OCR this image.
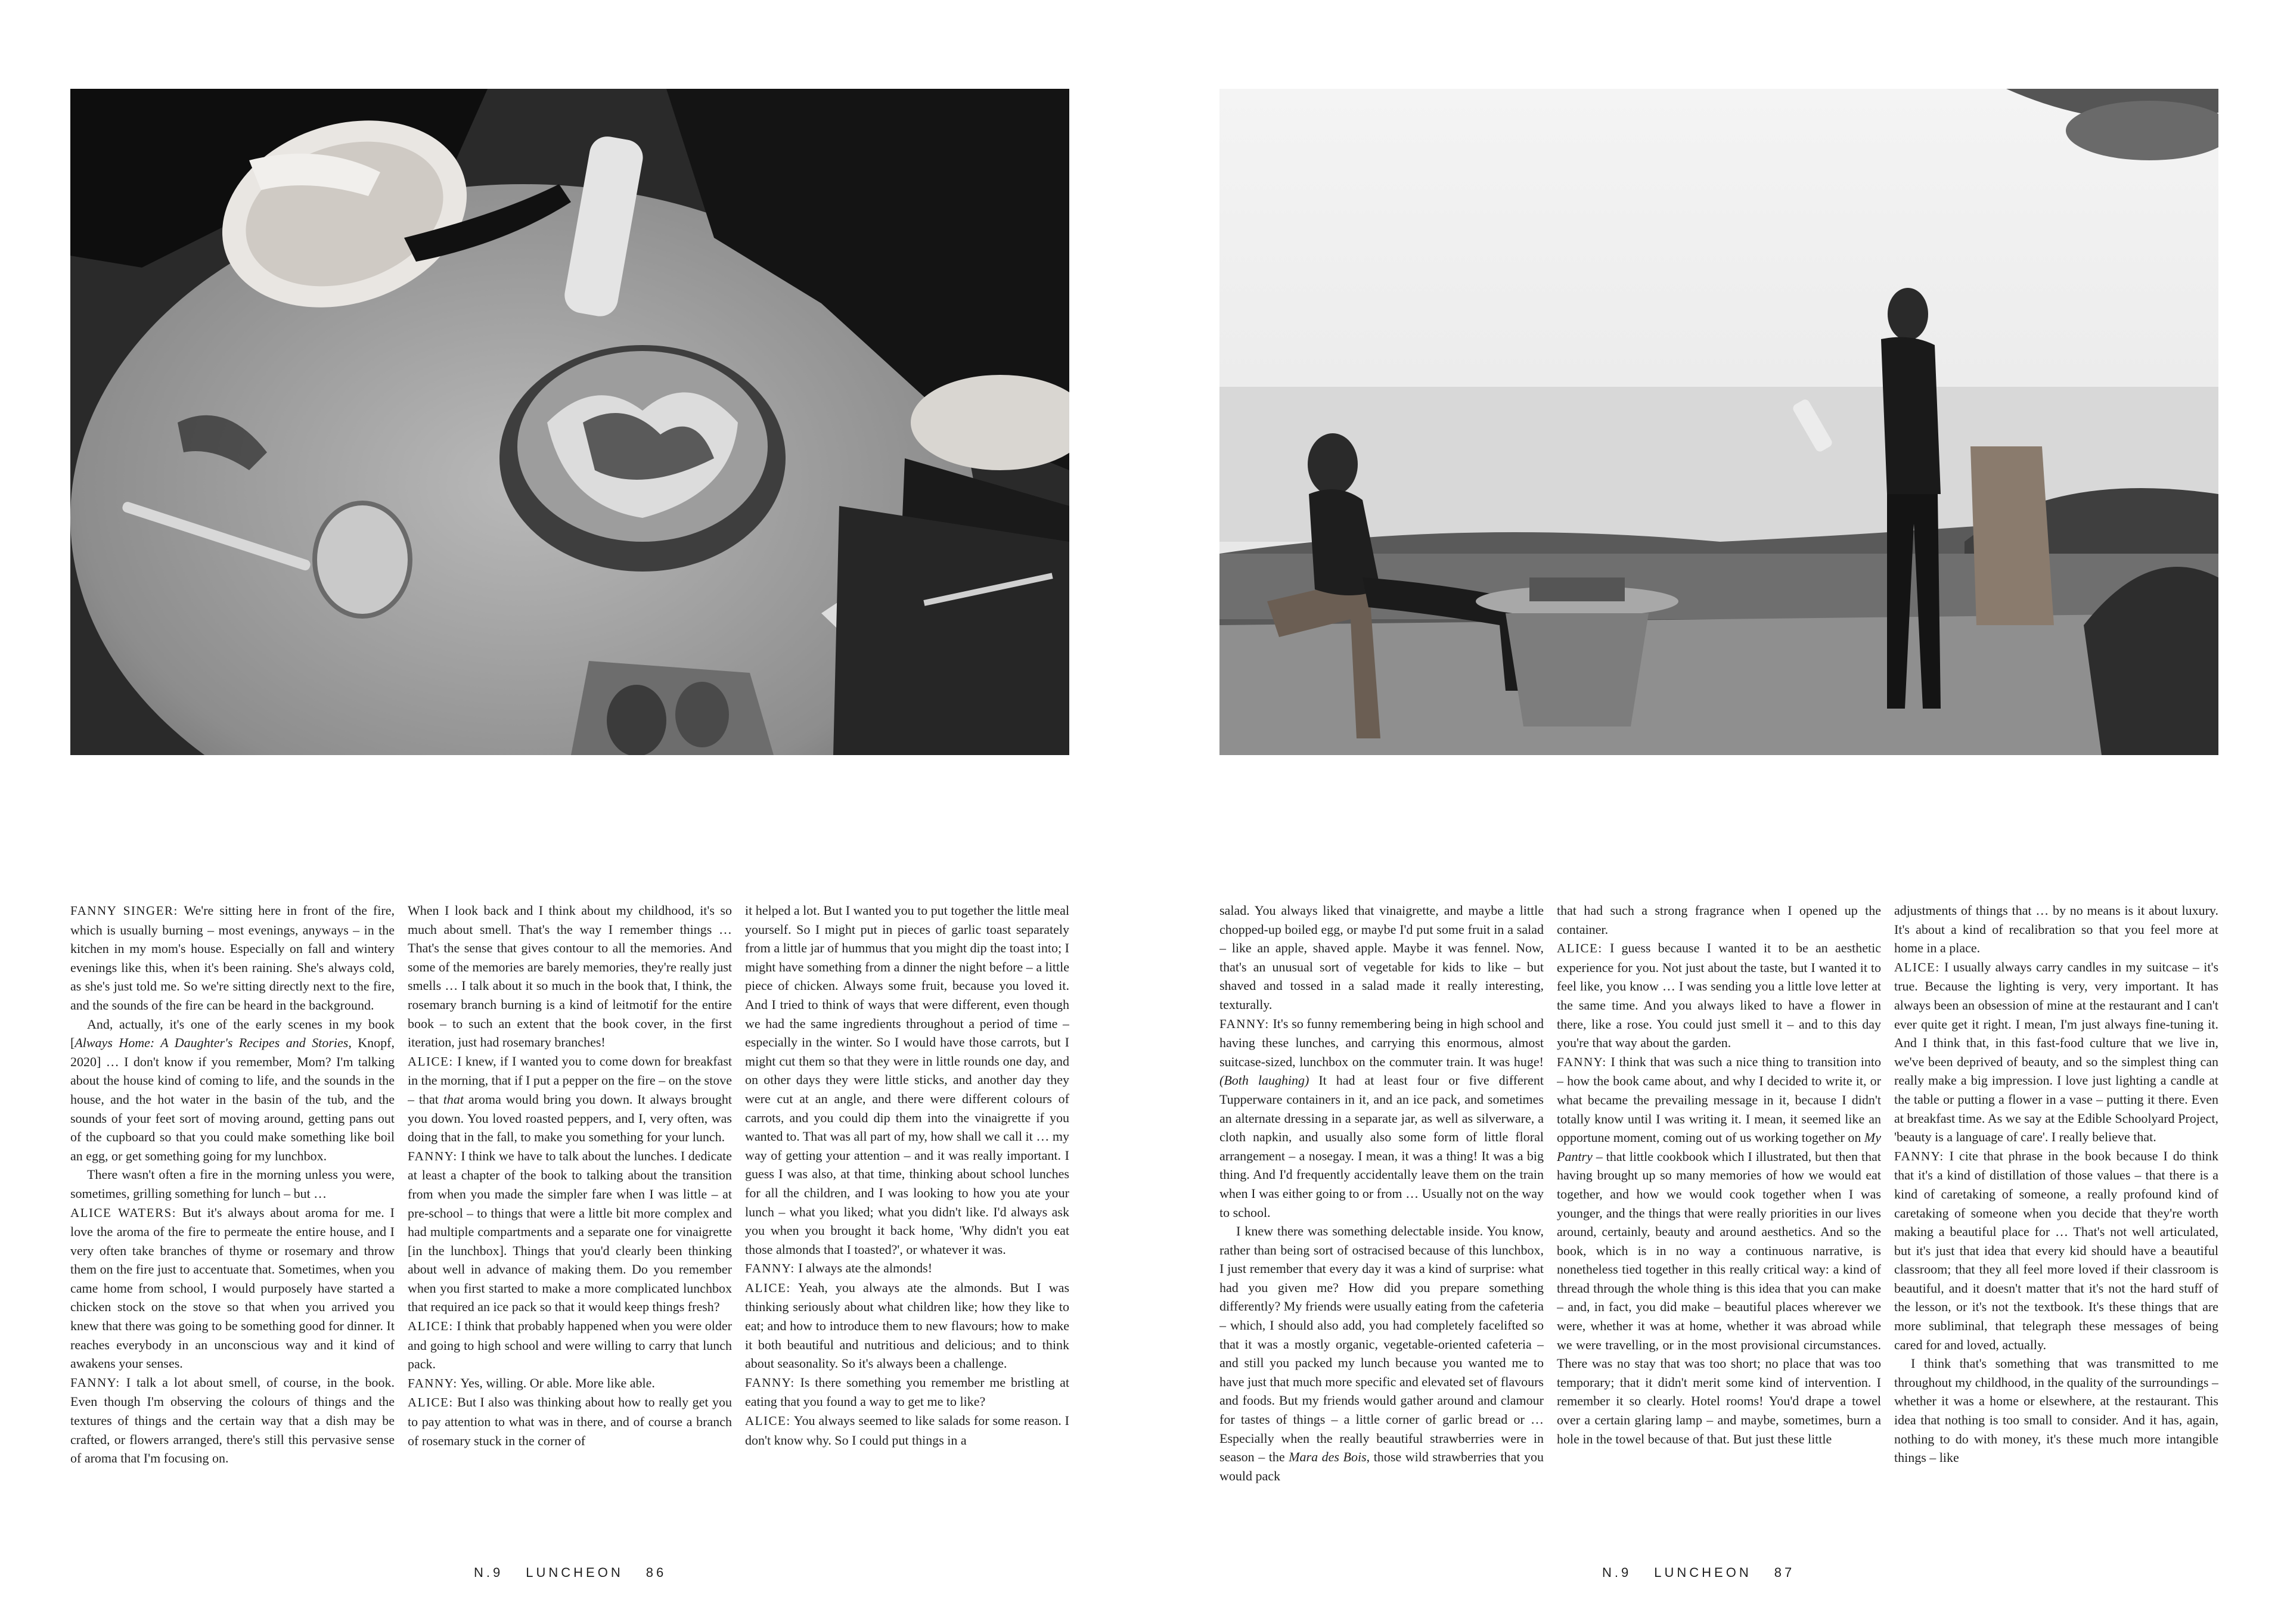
FANNY SINGER: We're sitting here in front of the fire, which is usually burning – most evenings, anyways – in the kitchen in my mom's house. Especially on fall and wintery evenings like this, when it's been raining. She's always cold, as she's just told me. So we're sitting directly next to the fire, and the sounds of the fire can be heard in the background.

And, actually, it's one of the early scenes in my book [Always Home: A Daughter's Recipes and Stories, Knopf, 2020] … I don't know if you remember, Mom? I'm talking about the house kind of coming to life, and the sounds in the house, and the hot water in the basin of the tub, and the sounds of your feet sort of moving around, getting pans out of the cupboard so that you could make something like boil an egg, or get something going for my lunchbox.

There wasn't often a fire in the morning unless you were, sometimes, grilling something for lunch – but …

ALICE WATERS: But it's always about aroma for me. I love the aroma of the fire to permeate the entire house, and I very often take branches of thyme or rosemary and throw them on the fire just to accentuate that. Sometimes, when you came home from school, I would purposely have started a chicken stock on the stove so that when you arrived you knew that there was going to be something good for dinner. It reaches everybody in an unconscious way and it kind of awakens your senses.

FANNY: I talk a lot about smell, of course, in the book. Even though I'm observing the colours of things and the textures of things and the certain way that a dish may be crafted, or flowers arranged, there's still this pervasive sense of aroma that I'm focusing on.

When I look back and I think about my childhood, it's so much about smell. That's the way I remember things … That's the sense that gives contour to all the memories. And some of the memories are barely memories, they're really just smells … I talk about it so much in the book that, I think, the rosemary branch burning is a kind of leitmotif for the entire book – to such an extent that the book cover, in the first iteration, just had rosemary branches!

ALICE: I knew, if I wanted you to come down for breakfast in the morning, that if I put a pepper on the fire – on the stove – that that aroma would bring you down. It always brought you down. You loved roasted peppers, and I, very often, was doing that in the fall, to make you something for your lunch.

FANNY: I think we have to talk about the lunches. I dedicate at least a chapter of the book to talking about the transition from when you made the simpler fare when I was little – at pre-school – to things that were a little bit more complex and had multiple compartments and a separate one for vinaigrette [in the lunchbox]. Things that you'd clearly been thinking about well in advance of making them. Do you remember when you first started to make a more complicated lunchbox that required an ice pack so that it would keep things fresh?

ALICE: I think that probably happened when you were older and going to high school and were willing to carry that lunch pack.

FANNY: Yes, willing. Or able. More like able.

ALICE: But I also was thinking about how to really get you to pay attention to what was in there, and of course a branch of rosemary stuck in the corner of

it helped a lot. But I wanted you to put together the little meal yourself. So I might put in pieces of garlic toast separately from a little jar of hummus that you might dip the toast into; I might have something from a dinner the night before – a little piece of chicken. Always some fruit, because you loved it. And I tried to think of ways that were different, even though we had the same ingredients throughout a period of time – especially in the winter. So I would have those carrots, but I might cut them so that they were in little rounds one day, and on other days they were little sticks, and another day they were cut at an angle, and there were different colours of carrots, and you could dip them into the vinaigrette if you wanted to. That was all part of my, how shall we call it … my way of getting your attention – and it was really important. I guess I was also, at that time, thinking about school lunches for all the children, and I was looking to how you ate your lunch – what you liked; what you didn't like. I'd always ask you when you brought it back home, 'Why didn't you eat those almonds that I toasted?', or whatever it was.

FANNY: I always ate the almonds!

ALICE: Yeah, you always ate the almonds. But I was thinking seriously about what children like; how they like to eat; and how to introduce them to new flavours; how to make it both beautiful and nutritious and delicious; and to think about seasonality. So it's always been a challenge.

FANNY: Is there something you remember me bristling at eating that you found a way to get me to like?

ALICE: You always seemed to like salads for some reason. I don't know why. So I could put things in a

salad. You always liked that vinaigrette, and maybe a little chopped-up boiled egg, or maybe I'd put some fruit in a salad – like an apple, shaved apple. Maybe it was fennel. Now, that's an unusual sort of vegetable for kids to like – but shaved and tossed in a salad made it really interesting, texturally.

FANNY: It's so funny remembering being in high school and having these lunches, and carrying this enormous, almost suitcase-sized, lunchbox on the commuter train. It was huge! (Both laughing) It had at least four or five different Tupperware containers in it, and an ice pack, and sometimes an alternate dressing in a separate jar, as well as silverware, a cloth napkin, and usually also some form of little floral arrangement – a nosegay. I mean, it was a thing! It was a big thing. And I'd frequently accidentally leave them on the train when I was either going to or from … Usually not on the way to school.

I knew there was something delectable inside. You know, rather than being sort of ostracised because of this lunchbox, I just remember that every day it was a kind of surprise: what had you given me? How did you prepare something differently? My friends were usually eating from the cafeteria – which, I should also add, you had completely facelifted so that it was a mostly organic, vegetable-oriented cafeteria – and still you packed my lunch because you wanted me to have just that much more specific and elevated set of flavours and foods. But my friends would gather around and clamour for tastes of things – a little corner of garlic bread or … Especially when the really beautiful strawberries were in season – the Mara des Bois, those wild strawberries that you would pack

that had such a strong fragrance when I opened up the container.

ALICE: I guess because I wanted it to be an aesthetic experience for you. Not just about the taste, but I wanted it to feel like, you know … I was sending you a little love letter at the same time. And you always liked to have a flower in there, like a rose. You could just smell it – and to this day you're that way about the garden.

FANNY: I think that was such a nice thing to transition into – how the book came about, and why I decided to write it, or what became the prevailing message in it, because I didn't totally know until I was writing it. I mean, it seemed like an opportune moment, coming out of us working together on My Pantry – that little cookbook which I illustrated, but then that having brought up so many memories of how we would eat together, and how we would cook together when I was younger, and the things that were really priorities in our lives around, certainly, beauty and around aesthetics. And so the book, which is in no way a continuous narrative, is nonetheless tied together in this really critical way: a kind of thread through the whole thing is this idea that you can make – and, in fact, you did make – beautiful places wherever we were, whether it was at home, whether it was abroad while we were travelling, or in the most provisional circumstances. There was no stay that was too short; no place that was too temporary; that it didn't merit some kind of intervention. I remember it so clearly. Hotel rooms! You'd drape a towel over a certain glaring lamp – and maybe, sometimes, burn a hole in the towel because of that. But just these little

adjustments of things that … by no means is it about luxury. It's about a kind of recalibration so that you feel more at home in a place.

ALICE: I usually always carry candles in my suitcase – it's true. Because the lighting is very, very important. It has always been an obsession of mine at the restaurant and I can't ever quite get it right. I mean, I'm just always fine-tuning it. And I think that, in this fast-food culture that we live in, we've been deprived of beauty, and so the simplest thing can really make a big impression. I love just lighting a candle at the table or putting a flower in a vase – putting it there. Even at breakfast time. As we say at the Edible Schoolyard Project, 'beauty is a language of care'. I really believe that.

FANNY: I cite that phrase in the book because I do think that it's a kind of distillation of those values – that there is a kind of caretaking of someone, a really profound kind of caretaking of someone when you decide that they're worth making a beautiful place for … That's not well articulated, but it's just that idea that every kid should have a beautiful classroom; that they all feel more loved if their classroom is beautiful, and it doesn't matter that it's not the hard stuff of the lesson, or it's not the textbook. It's these things that are more subliminal, that telegraph these messages of being cared for and loved, actually.

I think that's something that was transmitted to me throughout my childhood, in the quality of the surroundings – whether it was a home or elsewhere, at the restaurant. This idea that nothing is too small to consider. And it has, again, nothing to do with money, it's these much more intangible things – like

N.9 LUNCHEON 86	N.9 LUNCHEON 87
